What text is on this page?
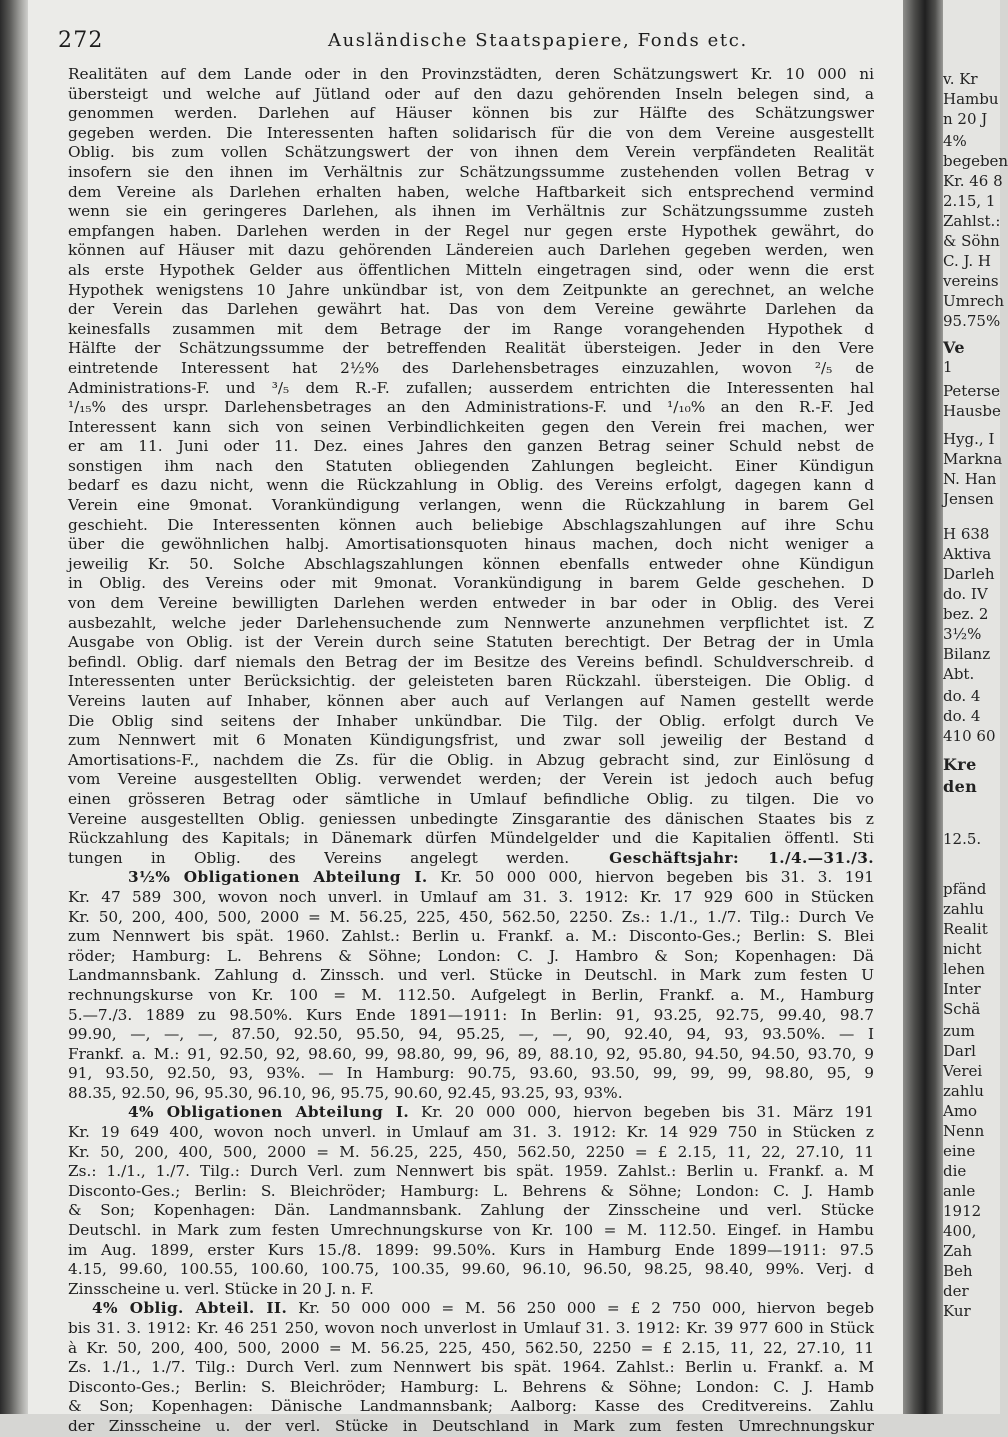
272	Ausländische Staatspapiere, Fonds etc.
Realitäten auf dem Lande oder in den Provinzstädten, deren Schätzungswert Kr. 10 000 ni
übersteigt und welche auf Jütland oder auf den dazu gehörenden Inseln belegen sind, a
genommen werden. Darlehen auf Häuser können bis zur Hälfte des Schätzungswer
gegeben werden. Die Interessenten haften solidarisch für die von dem Vereine ausgestellt
Oblig. bis zum vollen Schätzungswert der von ihnen dem Verein verpfändeten Realität
insofern sie den ihnen im Verhältnis zur Schätzungssumme zustehenden vollen Betrag v
dem Vereine als Darlehen erhalten haben, welche Haftbarkeit sich entsprechend vermind
wenn sie ein geringeres Darlehen, als ihnen im Verhältnis zur Schätzungssumme zusteh
empfangen haben. Darlehen werden in der Regel nur gegen erste Hypothek gewährt, do
können auf Häuser mit dazu gehörenden Ländereien auch Darlehen gegeben werden, wen
als erste Hypothek Gelder aus öffentlichen Mitteln eingetragen sind, oder wenn die erst
Hypothek wenigstens 10 Jahre unkündbar ist, von dem Zeitpunkte an gerechnet, an welche
der Verein das Darlehen gewährt hat. Das von dem Vereine gewährte Darlehen da
keinesfalls zusammen mit dem Betrage der im Range vorangehenden Hypothek d
Hälfte der Schätzungssumme der betreffenden Realität übersteigen. Jeder in den Vere
eintretende Interessent hat 2½% des Darlehensbetrages einzuzahlen, wovon ²/₅ de
Administrations-F. und ³/₅ dem R.-F. zufallen; ausserdem entrichten die Interessenten hal
¹/₁₅% des urspr. Darlehensbetrages an den Administrations-F. und ¹/₁₀% an den R.-F. Jed
Interessent kann sich von seinen Verbindlichkeiten gegen den Verein frei machen, wer
er am 11. Juni oder 11. Dez. eines Jahres den ganzen Betrag seiner Schuld nebst de
sonstigen ihm nach den Statuten obliegenden Zahlungen begleicht. Einer Kündigun
bedarf es dazu nicht, wenn die Rückzahlung in Oblig. des Vereins erfolgt, dagegen kann d
Verein eine 9monat. Vorankündigung verlangen, wenn die Rückzahlung in barem Gel
geschieht. Die Interessenten können auch beliebige Abschlagszahlungen auf ihre Schu
über die gewöhnlichen halbj. Amortisationsquoten hinaus machen, doch nicht weniger a
jeweilig Kr. 50. Solche Abschlagszahlungen können ebenfalls entweder ohne Kündigun
in Oblig. des Vereins oder mit 9monat. Vorankündigung in barem Gelde geschehen. D
von dem Vereine bewilligten Darlehen werden entweder in bar oder in Oblig. des Verei
ausbezahlt, welche jeder Darlehensuchende zum Nennwerte anzunehmen verpflichtet ist. Z
Ausgabe von Oblig. ist der Verein durch seine Statuten berechtigt. Der Betrag der in Umla
befindl. Oblig. darf niemals den Betrag der im Besitze des Vereins befindl. Schuldverschreib. d
Interessenten unter Berücksichtig. der geleisteten baren Rückzahl. übersteigen. Die Oblig. d
Vereins lauten auf Inhaber, können aber auch auf Verlangen auf Namen gestellt werde
Die Oblig sind seitens der Inhaber unkündbar. Die Tilg. der Oblig. erfolgt durch Ve
zum Nennwert mit 6 Monaten Kündigungsfrist, und zwar soll jeweilig der Bestand d
Amortisations-F., nachdem die Zs. für die Oblig. in Abzug gebracht sind, zur Einlösung d
vom Vereine ausgestellten Oblig. verwendet werden; der Verein ist jedoch auch befug
einen grösseren Betrag oder sämtliche in Umlauf befindliche Oblig. zu tilgen. Die vo
Vereine ausgestellten Oblig. geniessen unbedingte Zinsgarantie des dänischen Staates bis z
Rückzahlung des Kapitals; in Dänemark dürfen Mündelgelder und die Kapitalien öffentl. Sti
tungen in Oblig. des Vereins angelegt werden.	Geschäftsjahr: 1./4.—31./3.
3½% Obligationen Abteilung I. Kr. 50 000 000, hiervon begeben bis 31. 3. 191
Kr. 47 589 300, wovon noch unverl. in Umlauf am 31. 3. 1912: Kr. 17 929 600 in Stücken
Kr. 50, 200, 400, 500, 2000 = M. 56.25, 225, 450, 562.50, 2250. Zs.: 1./1., 1./7. Tilg.: Durch Ve
zum Nennwert bis spät. 1960. Zahlst.: Berlin u. Frankf. a. M.: Disconto-Ges.; Berlin: S. Blei
röder; Hamburg: L. Behrens & Söhne; London: C. J. Hambro & Son; Kopenhagen: Dä
Landmannsbank. Zahlung d. Zinssch. und verl. Stücke in Deutschl. in Mark zum festen U
rechnungskurse von Kr. 100 = M. 112.50. Aufgelegt in Berlin, Frankf. a. M., Hamburg
5.—7./3. 1889 zu 98.50%. Kurs Ende 1891—1911: In Berlin: 91, 93.25, 92.75, 99.40, 98.7
99.90, —, —, —, 87.50, 92.50, 95.50, 94, 95.25, —, —, 90, 92.40, 94, 93, 93.50%. — I
Frankf. a. M.: 91, 92.50, 92, 98.60, 99, 98.80, 99, 96, 89, 88.10, 92, 95.80, 94.50, 94.50, 93.70, 9
91, 93.50, 92.50, 93, 93%. — In Hamburg: 90.75, 93.60, 93.50, 99, 99, 99, 98.80, 95, 9
88.35, 92.50, 96, 95.30, 96.10, 96, 95.75, 90.60, 92.45, 93.25, 93, 93%.
4% Obligationen Abteilung I. Kr. 20 000 000, hiervon begeben bis 31. März 191
Kr. 19 649 400, wovon noch unverl. in Umlauf am 31. 3. 1912: Kr. 14 929 750 in Stücken z
Kr. 50, 200, 400, 500, 2000 = M. 56.25, 225, 450, 562.50, 2250 = £ 2.15, 11, 22, 27.10, 11
Zs.: 1./1., 1./7. Tilg.: Durch Verl. zum Nennwert bis spät. 1959. Zahlst.: Berlin u. Frankf. a. M
Disconto-Ges.; Berlin: S. Bleichröder; Hamburg: L. Behrens & Söhne; London: C. J. Hamb
& Son; Kopenhagen: Dän. Landmannsbank. Zahlung der Zinsscheine und verl. Stücke
Deutschl. in Mark zum festen Umrechnungskurse von Kr. 100 = M. 112.50. Eingef. in Hambu
im Aug. 1899, erster Kurs 15./8. 1899: 99.50%. Kurs in Hamburg Ende 1899—1911: 97.5
4.15, 99.60, 100.55, 100.60, 100.75, 100.35, 99.60, 96.10, 96.50, 98.25, 98.40, 99%. Verj. d
Zinsscheine u. verl. Stücke in 20 J. n. F.
4% Oblig. Abteil. II. Kr. 50 000 000 = M. 56 250 000 = £ 2 750 000, hiervon begeb
bis 31. 3. 1912: Kr. 46 251 250, wovon noch unverlost in Umlauf 31. 3. 1912: Kr. 39 977 600 in Stück
à Kr. 50, 200, 400, 500, 2000 = M. 56.25, 225, 450, 562.50, 2250 = £ 2.15, 11, 22, 27.10, 11
Zs. 1./1., 1./7. Tilg.: Durch Verl. zum Nennwert bis spät. 1964. Zahlst.: Berlin u. Frankf. a. M
Disconto-Ges.; Berlin: S. Bleichröder; Hamburg: L. Behrens & Söhne; London: C. J. Hamb
& Son; Kopenhagen: Dänische Landmannsbank; Aalborg: Kasse des Creditvereins. Zahlu
der Zinsscheine u. der verl. Stücke in Deutschland in Mark zum festen Umrechnungskur
v. Kr
Hambu
n 20 J
4%
begeben
Kr. 46 8
2.15, 1
Zahlst.:
& Söhn
C. J. H
vereins
Umrech
95.75%
Ve
1
Peterse
Hausbe
Hyg., I
Markna
N. Han
Jensen
H 638
Aktiva
Darleh
do. IV
bez. 2
3½%
Bilanz
Abt.
do. 4
do. 4
410 60
Kre
den
12.5.
pfänd
zahlu
Realit
nicht
lehen
Inter
Schä
zum
Darl
Verei
zahlu
Amo
Nenn
eine
die
anle
1912
400,
Zah
Beh
der
Kur
